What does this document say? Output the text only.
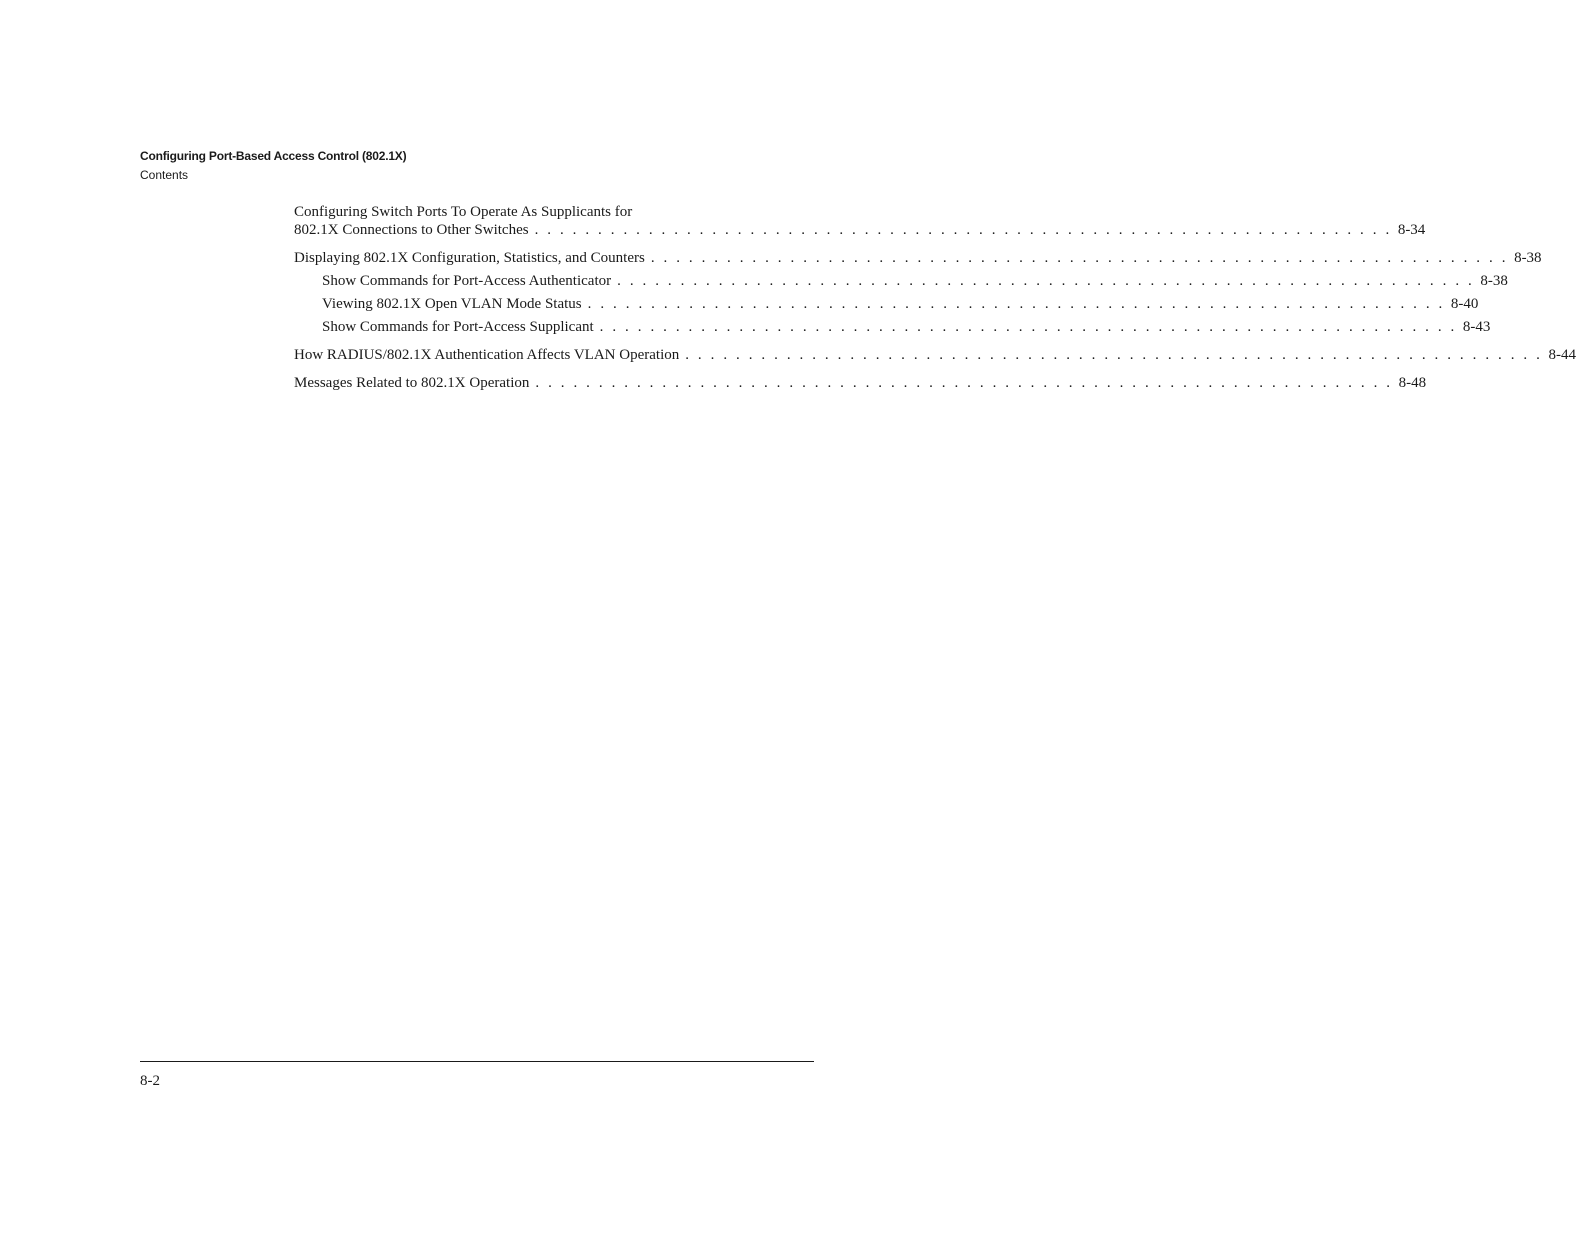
Configuring Port-Based Access Control (802.1X)
Contents
Configuring Switch Ports To Operate As Supplicants for
802.1X Connections to Other Switches . . . . . . . . . . . . . . . . . . . . . . . . . . . . . . . . . . . . . . . . . . . . . . . . . . . . . . . . . . . . . . . . . . . . 8-34
Displaying 802.1X Configuration, Statistics, and Counters . . . . . . . . . . . . . . . . . . . . . . . . . . . . . . . . . . . . . . . . . . . . . . . . . . . . . . . . . . . . . . . . . . . . 8-38
Show Commands for Port-Access Authenticator . . . . . . . . . . . . . . . . . . . . . . . . . . . . . . . . . . . . . . . . . . . . . . . . . . . . . . . . . . . . . . . . . . . . 8-38
Viewing 802.1X Open VLAN Mode Status . . . . . . . . . . . . . . . . . . . . . . . . . . . . . . . . . . . . . . . . . . . . . . . . . . . . . . . . . . . . . . . . . . . . 8-40
Show Commands for Port-Access Supplicant . . . . . . . . . . . . . . . . . . . . . . . . . . . . . . . . . . . . . . . . . . . . . . . . . . . . . . . . . . . . . . . . . . . . 8-43
How RADIUS/802.1X Authentication Affects VLAN Operation . . . . . . . . . . . . . . . . . . . . . . . . . . . . . . . . . . . . . . . . . . . . . . . . . . . . . . . . . . . . . . . . . . . . 8-44
Messages Related to 802.1X Operation . . . . . . . . . . . . . . . . . . . . . . . . . . . . . . . . . . . . . . . . . . . . . . . . . . . . . . . . . . . . . . . . . . . . 8-48
8-2
